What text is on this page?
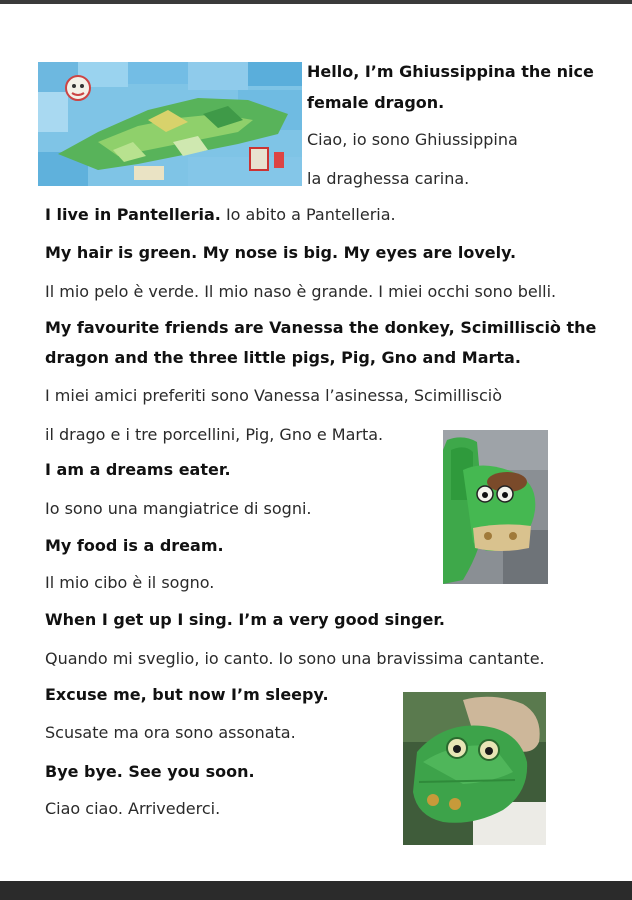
Hello, I’m Ghiussippina the nice
female dragon.
Ciao, io sono Ghiussippina
la draghessa carina.
I live in Pantelleria. Io abito a Pantelleria.
My hair is green. My nose is big. My eyes are lovely.
Il mio pelo è verde. Il mio naso è grande. I miei occhi sono belli.
My favourite friends are Vanessa the donkey, Scimillisciò the
dragon and the three little pigs, Pig, Gno and Marta.
I miei amici preferiti sono Vanessa l’asinessa, Scimillisciò
il drago e i tre porcellini, Pig, Gno e Marta.
I am a dreams eater.
Io sono una mangiatrice di sogni.
My food is a dream.
Il mio cibo è il sogno.
When I get up I sing. I’m a very good singer.
Quando mi sveglio, io canto. Io sono una bravissima cantante.
Excuse me, but now I’m sleepy.
Scusate ma ora sono assonata.
Bye bye. See you soon.
Ciao ciao. Arrivederci.
